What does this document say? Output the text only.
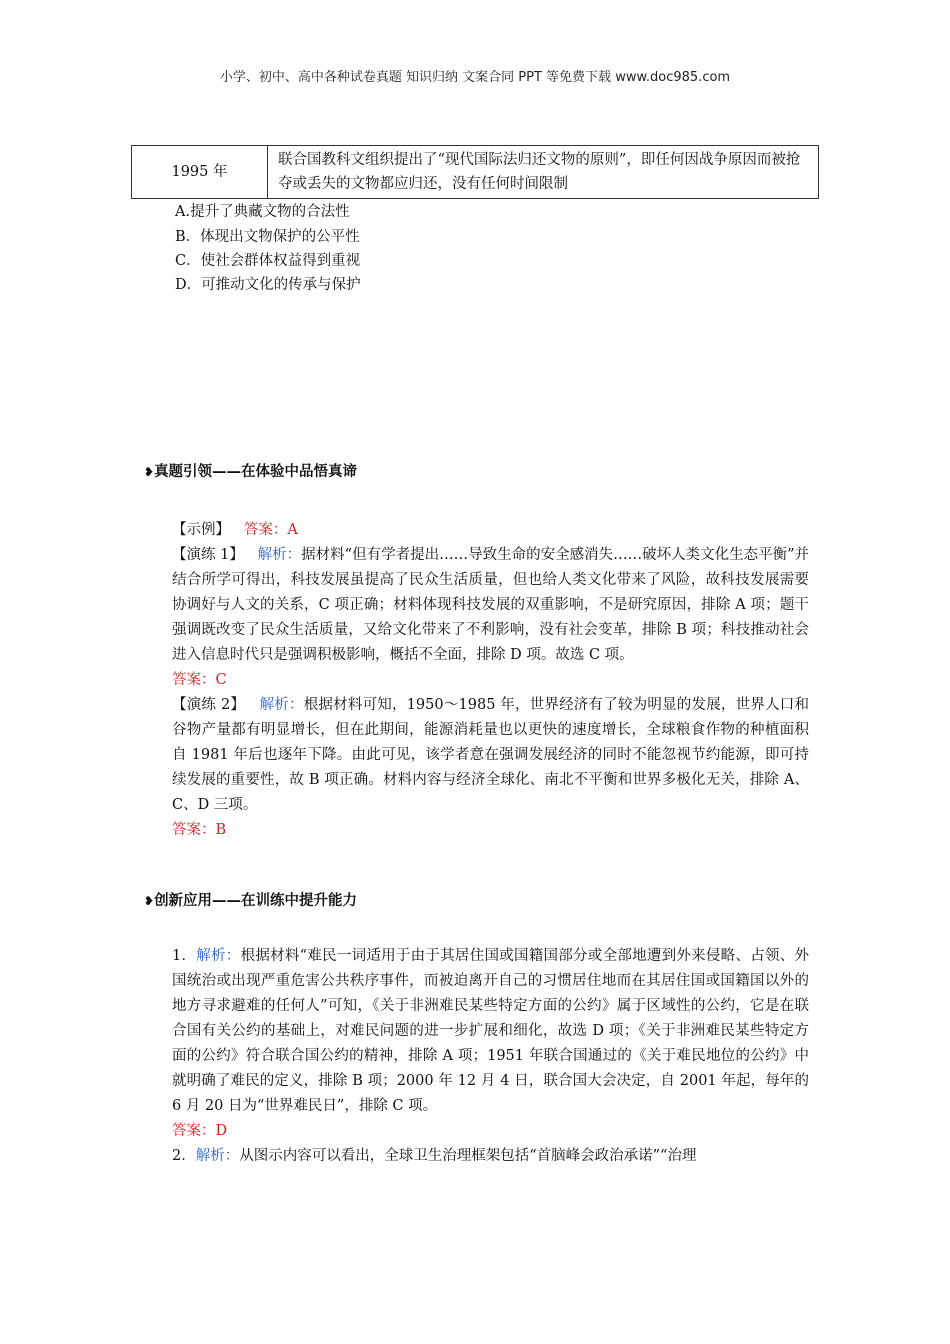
小学、初中、高中各种试卷真题 知识归纳 文案合同 PPT 等免费下载 www.doc985.com
1995 年	联合国教科文组织提出了“现代国际法归还文物的原则”，即任何因战争原因而被抢夺或丢失的文物都应归还，没有任何时间限制
A.提升了典藏文物的合法性
B．体现出文物保护的公平性
C．使社会群体权益得到重视
D．可推动文化的传承与保护
❥真题引领——在体验中品悟真谛
【示例】 答案：A
【演练 1】 解析：据材料“但有学者提出……导致生命的安全感消失……破坏人类文化生态平衡”并结合所学可得出，科技发展虽提高了民众生活质量，但也给人类文化带来了风险，故科技发展需要协调好与人文的关系，C 项正确；材料体现科技发展的双重影响，不是研究原因，排除 A 项；题干强调既改变了民众生活质量，又给文化带来了不利影响，没有社会变革，排除 B 项；科技推动社会进入信息时代只是强调积极影响，概括不全面，排除 D 项。故选 C 项。
答案：C
【演练 2】 解析：根据材料可知，1950～1985 年，世界经济有了较为明显的发展，世界人口和谷物产量都有明显增长，但在此期间，能源消耗量也以更快的速度增长，全球粮食作物的种植面积自 1981 年后也逐年下降。由此可见，该学者意在强调发展经济的同时不能忽视节约能源，即可持续发展的重要性，故 B 项正确。材料内容与经济全球化、南北不平衡和世界多极化无关，排除 A、C、D 三项。
答案：B
❥创新应用——在训练中提升能力
1．解析：根据材料“难民一词适用于由于其居住国或国籍国部分或全部地遭到外来侵略、占领、外国统治或出现严重危害公共秩序事件，而被迫离开自己的习惯居住地而在其居住国或国籍国以外的地方寻求避难的任何人”可知，《关于非洲难民某些特定方面的公约》属于区域性的公约，它是在联合国有关公约的基础上，对难民问题的进一步扩展和细化，故选 D 项；《关于非洲难民某些特定方面的公约》符合联合国公约的精神，排除 A 项；1951 年联合国通过的《关于难民地位的公约》中就明确了难民的定义，排除 B 项；2000 年 12 月 4 日，联合国大会决定，自 2001 年起，每年的 6 月 20 日为“世界难民日”，排除 C 项。
答案：D
2．解析：从图示内容可以看出，全球卫生治理框架包括“首脑峰会政治承诺”“治理
